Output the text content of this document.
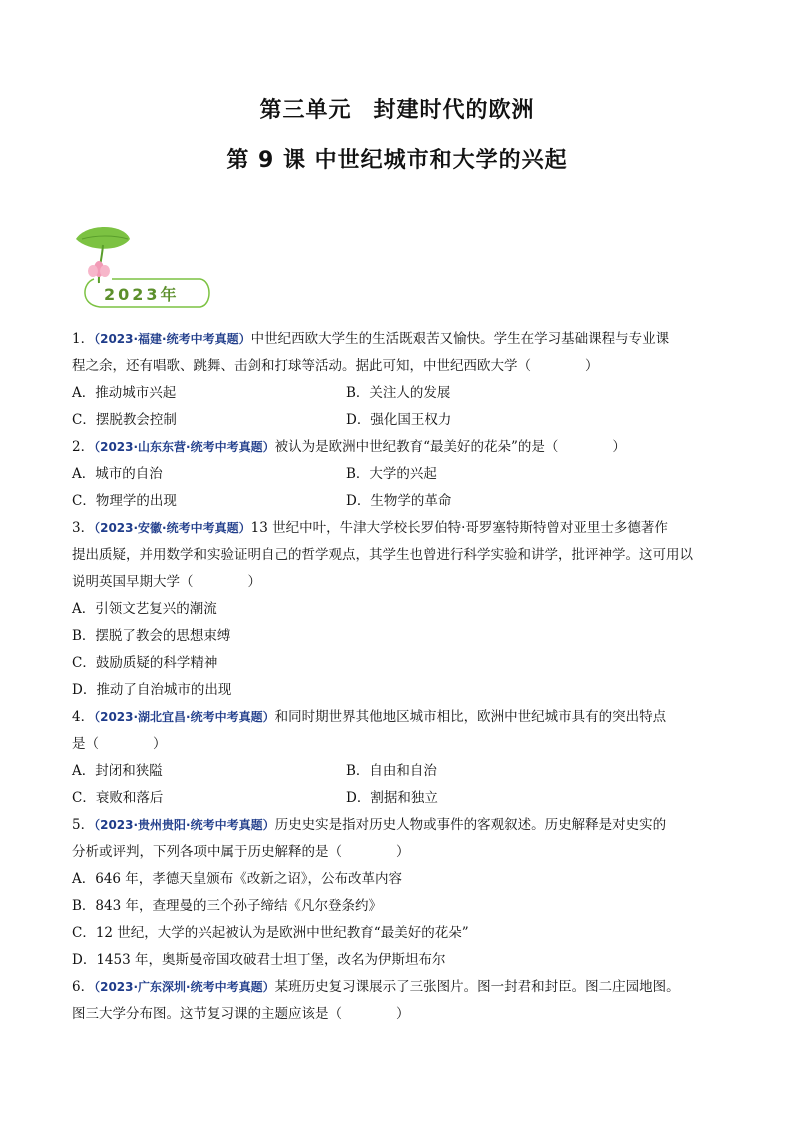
第三单元 封建时代的欧洲
第 9 课 中世纪城市和大学的兴起
2023年
1．（2023·福建·统考中考真题）中世纪西欧大学生的生活既艰苦又愉快。学生在学习基础课程与专业课
程之余，还有唱歌、跳舞、击剑和打球等活动。据此可知，中世纪西欧大学（　　　　）
A．推动城市兴起	B．关注人的发展
C．摆脱教会控制	D．强化国王权力
2．（2023·山东东营·统考中考真题）被认为是欧洲中世纪教育“最美好的花朵”的是（　　　　）
A．城市的自治	B．大学的兴起
C．物理学的出现	D．生物学的革命
3．（2023·安徽·统考中考真题）13 世纪中叶，牛津大学校长罗伯特·哥罗塞特斯特曾对亚里士多德著作
提出质疑，并用数学和实验证明自己的哲学观点，其学生也曾进行科学实验和讲学，批评神学。这可用以
说明英国早期大学（　　　　）
A．引领文艺复兴的潮流
B．摆脱了教会的思想束缚
C．鼓励质疑的科学精神
D．推动了自治城市的出现
4．（2023·湖北宜昌·统考中考真题）和同时期世界其他地区城市相比，欧洲中世纪城市具有的突出特点
是（　　　　）
A．封闭和狭隘	B．自由和自治
C．衰败和落后	D．割据和独立
5．（2023·贵州贵阳·统考中考真题）历史史实是指对历史人物或事件的客观叙述。历史解释是对史实的
分析或评判，下列各项中属于历史解释的是（　　　　）
A．646 年，孝德天皇颁布《改新之诏》，公布改革内容
B．843 年，查理曼的三个孙子缔结《凡尔登条约》
C．12 世纪，大学的兴起被认为是欧洲中世纪教育“最美好的花朵”
D．1453 年，奥斯曼帝国攻破君士坦丁堡，改名为伊斯坦布尔
6．（2023·广东深圳·统考中考真题）某班历史复习课展示了三张图片。图一封君和封臣。图二庄园地图。
图三大学分布图。这节复习课的主题应该是（　　　　）
